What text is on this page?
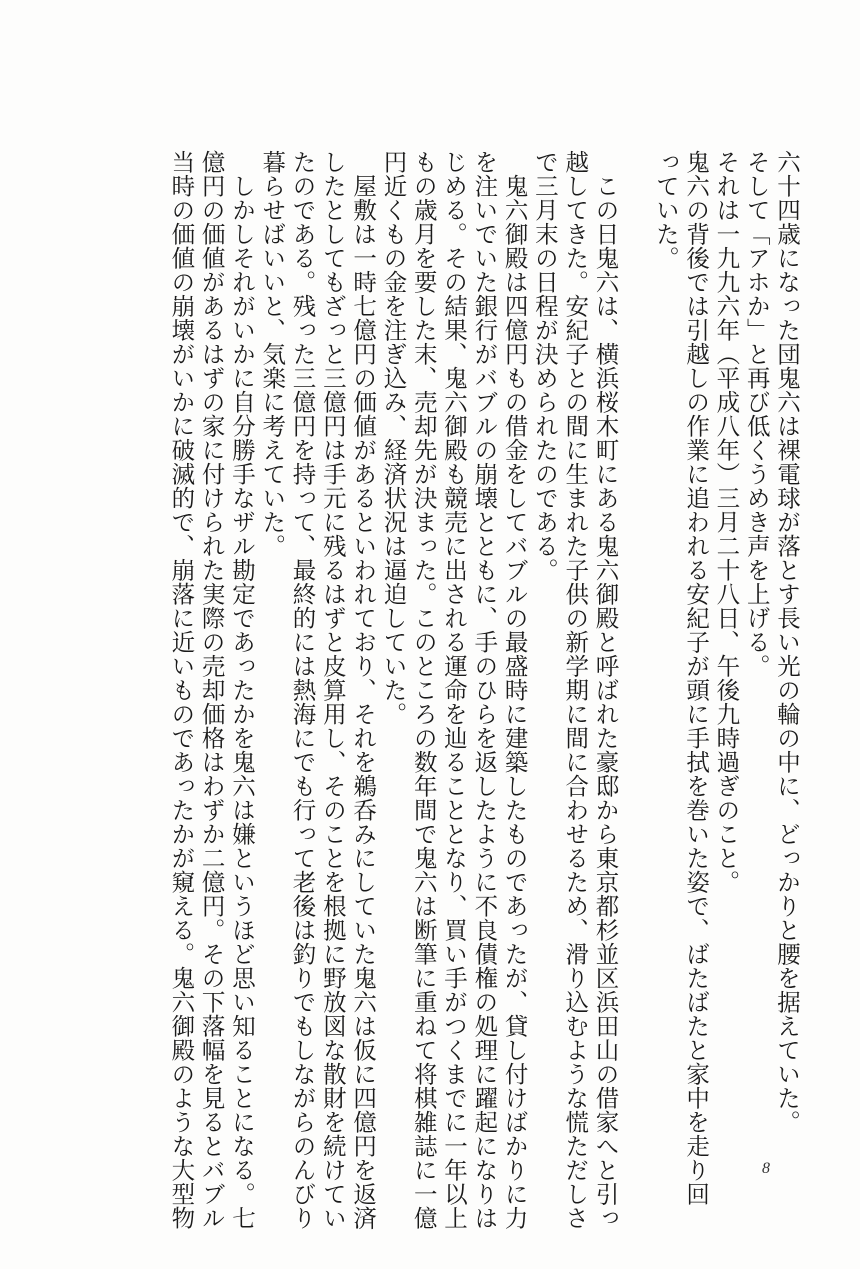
六十四歳になった団鬼六は裸電球が落とす長い光の輪の中に、どっかりと腰を据えていた。
そして「アホか」と再び低くうめき声を上げる。
それは一九九六年（平成八年）三月二十八日、午後九時過ぎのこと。
鬼六の背後では引越しの作業に追われる安紀子が頭に手拭を巻いた姿で、ばたばたと家中を走り回
っていた。
この日鬼六は、横浜桜木町にある鬼六御殿と呼ばれた豪邸から東京都杉並区浜田山の借家へと引っ
越してきた。安紀子との間に生まれた子供の新学期に間に合わせるため、滑り込むような慌ただしさ
で三月末の日程が決められたのである。
鬼六御殿は四億円もの借金をしてバブルの最盛時に建築したものであったが、貸し付けばかりに力
を注いでいた銀行がバブルの崩壊とともに、手のひらを返したように不良債権の処理に躍起になりは
じめる。その結果、鬼六御殿も競売に出される運命を辿ることとなり、買い手がつくまでに一年以上
もの歳月を要した末、売却先が決まった。このところの数年間で鬼六は断筆に重ねて将棋雑誌に一億
円近くもの金を注ぎ込み、経済状況は逼迫していた。
屋敷は一時七億円の価値があるといわれており、それを鵜呑みにしていた鬼六は仮に四億円を返済
したとしてもざっと三億円は手元に残るはずと皮算用し、そのことを根拠に野放図な散財を続けてい
たのである。残った三億円を持って、最終的には熱海にでも行って老後は釣りでもしながらのんびり
暮らせばいいと、気楽に考えていた。
しかしそれがいかに自分勝手なザル勘定であったかを鬼六は嫌というほど思い知ることになる。七
億円の価値があるはずの家に付けられた実際の売却価格はわずか二億円。その下落幅を見るとバブル
当時の価値の崩壊がいかに破滅的で、崩落に近いものであったかが窺える。鬼六御殿のような大型物	8
